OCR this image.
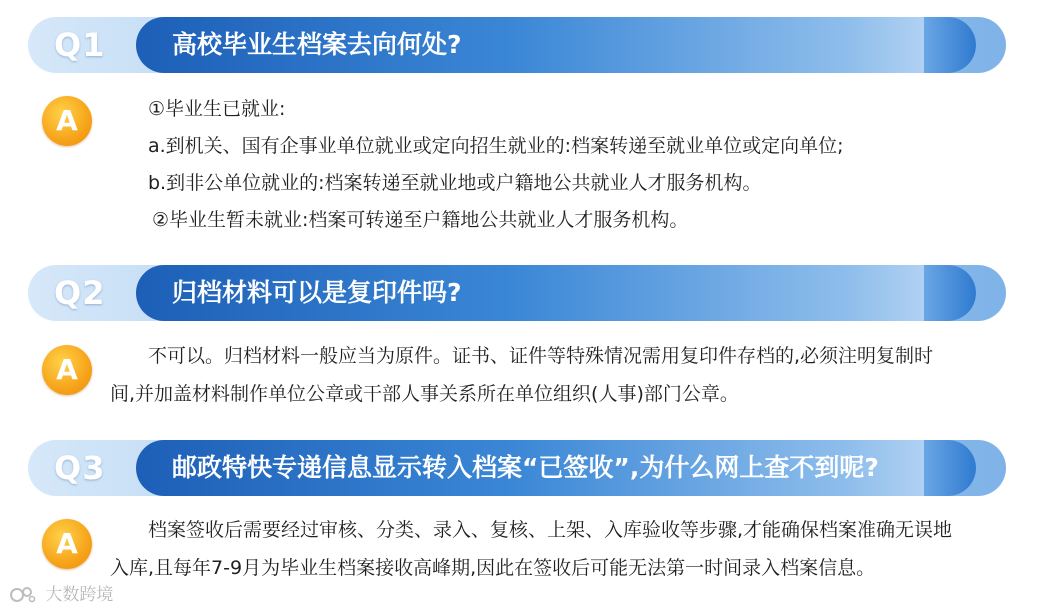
Q1	高校毕业生档案去向何处?
A	①毕业生已就业:
a.到机关、国有企事业单位就业或定向招生就业的:档案转递至就业单位或定向单位;
b.到非公单位就业的:档案转递至就业地或户籍地公共就业人才服务机构。
②毕业生暂未就业:档案可转递至户籍地公共就业人才服务机构。
Q2	归档材料可以是复印件吗?
A	不可以。归档材料一般应当为原件。证书、证件等特殊情况需用复印件存档的,必须注明复制时
间,并加盖材料制作单位公章或干部人事关系所在单位组织(人事)部门公章。
Q3	邮政特快专递信息显示转入档案“已签收”,为什么网上查不到呢?
A	档案签收后需要经过审核、分类、录入、复核、上架、入库验收等步骤,才能确保档案准确无误地
入库,且每年7-9月为毕业生档案接收高峰期,因此在签收后可能无法第一时间录入档案信息。
大数跨境
